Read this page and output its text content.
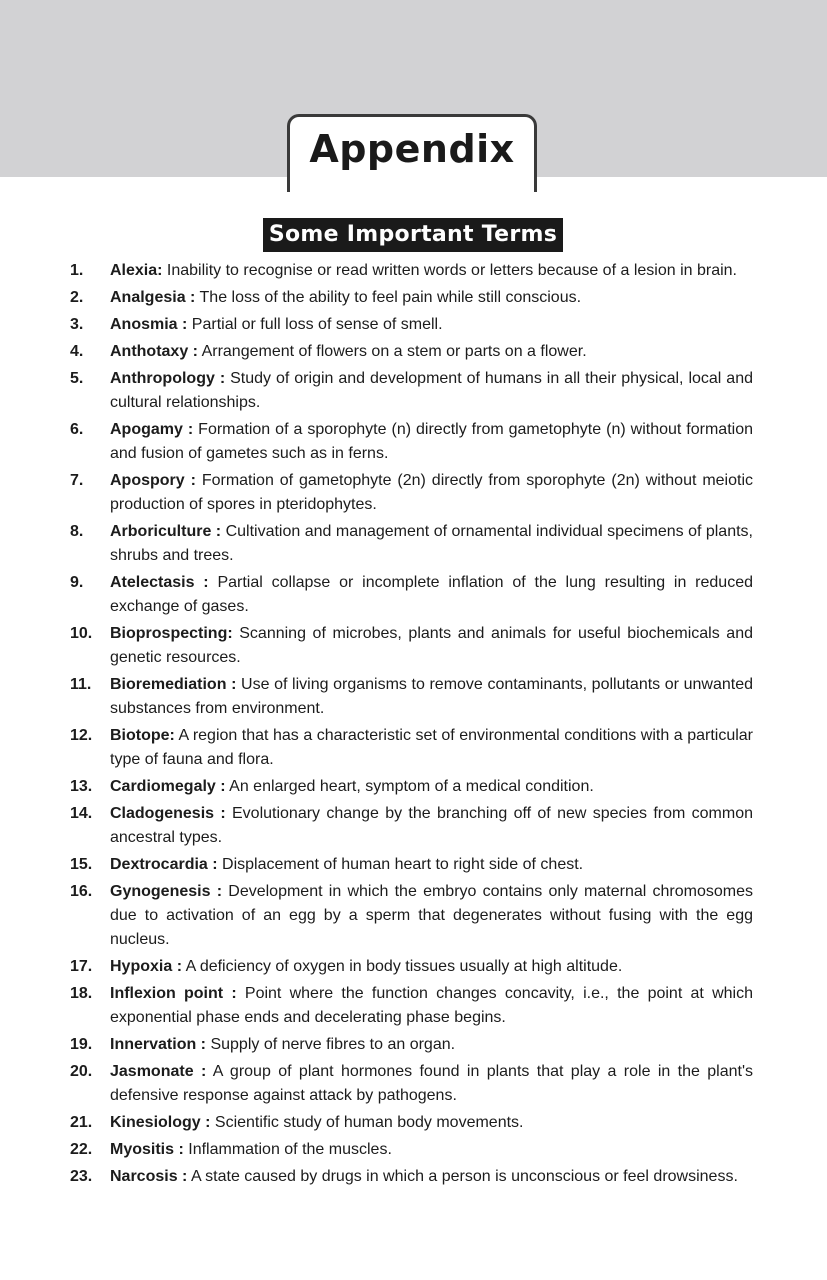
Appendix
Some Important Terms
1.	Alexia: Inability to recognise or read written words or letters because of a lesion in brain.
2.	Analgesia : The loss of the ability to feel pain while still conscious.
3.	Anosmia : Partial or full loss of sense of smell.
4.	Anthotaxy : Arrangement of flowers on a stem or parts on a flower.
5.	Anthropology : Study of origin and development of humans in all their physical, local and cultural relationships.
6.	Apogamy : Formation of a sporophyte (n) directly from gametophyte (n) without formation and fusion of gametes such as in ferns.
7.	Apospory : Formation of gametophyte (2n) directly from sporophyte (2n) without meiotic production of spores in pteridophytes.
8.	Arboriculture : Cultivation and management of ornamental individual specimens of plants, shrubs and trees.
9.	Atelectasis : Partial collapse or incomplete inflation of the lung resulting in reduced exchange of gases.
10.	Bioprospecting: Scanning of microbes, plants and animals for useful biochemicals and genetic resources.
11.	Bioremediation : Use of living organisms to remove contaminants, pollutants or unwanted substances from environment.
12.	Biotope: A region that has a characteristic set of environmental conditions with a particular type of fauna and flora.
13.	Cardiomegaly : An enlarged heart, symptom of a medical condition.
14.	Cladogenesis : Evolutionary change by the branching off of new species from common ancestral types.
15.	Dextrocardia : Displacement of human heart to right side of chest.
16.	Gynogenesis : Development in which the embryo contains only maternal chromosomes due to activation of an egg by a sperm that degenerates without fusing with the egg nucleus.
17.	Hypoxia : A deficiency of oxygen in body tissues usually at high altitude.
18.	Inflexion point : Point where the function changes concavity, i.e., the point at which exponential phase ends and decelerating phase begins.
19.	Innervation : Supply of nerve fibres to an organ.
20.	Jasmonate : A group of plant hormones found in plants that play a role in the plant's defensive response against attack by pathogens.
21.	Kinesiology : Scientific study of human body movements.
22.	Myositis : Inflammation of the muscles.
23.	Narcosis : A state caused by drugs in which a person is unconscious or feel drowsiness.
